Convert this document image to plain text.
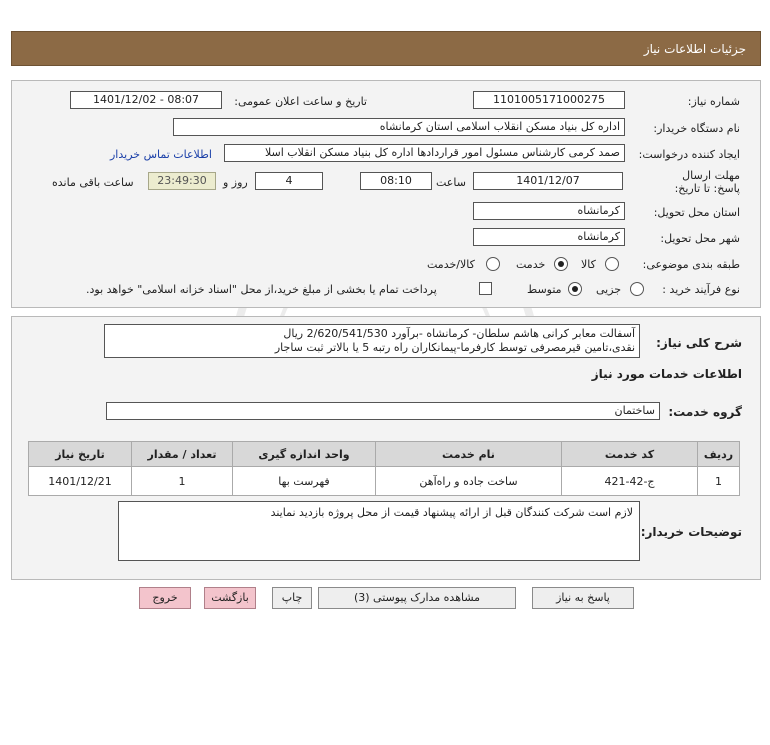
جزئیات اطلاعات نیاز
شماره نیاز:
1101005171000275
تاریخ و ساعت اعلان عمومی:
1401/12/02 - 08:07
نام دستگاه خریدار:
اداره کل بنیاد مسکن انقلاب اسلامی استان کرمانشاه
ایجاد کننده درخواست:
صمد کرمی کارشناس مسئول امور قراردادها اداره کل بنیاد مسکن انقلاب اسلا
اطلاعات تماس خریدار
مهلت ارسال پاسخ: تا تاریخ:
1401/12/07
ساعت
08:10
4
روز و
23:49:30
ساعت باقی مانده
استان محل تحویل:
کرمانشاه
شهر محل تحویل:
کرمانشاه
طبقه بندی موضوعی:
کالا
خدمت
کالا/خدمت
نوع فرآیند خرید :
جزیی
متوسط
پرداخت تمام یا بخشی از مبلغ خرید،از محل "اسناد خزانه اسلامی" خواهد بود.
شرح کلی نیاز:
آسفالت معابر کرانی هاشم سلطان- کرمانشاه -برآورد 2/620/541/530 ریال
نقدی،تامین قیرمصرفی توسط کارفرما-پیمانکاران راه رتبه 5 یا بالاتر ثبت ساجار
اطلاعات خدمات مورد نیاز
گروه خدمت:
ساختمان
تاریخ نیاز	تعداد / مقدار	واحد اندازه گیری	نام خدمت	کد خدمت	ردیف
1401/12/21	1	فهرست بها	ساخت جاده و راه‌آهن	ج-42-421	1
توضیحات خریدار:
لازم است شرکت کنندگان قبل از ارائه پیشنهاد قیمت از محل پروژه بازدید نمایند
پاسخ به نیاز
مشاهده مدارک پیوستی (3)
چاپ
بازگشت
خروج
